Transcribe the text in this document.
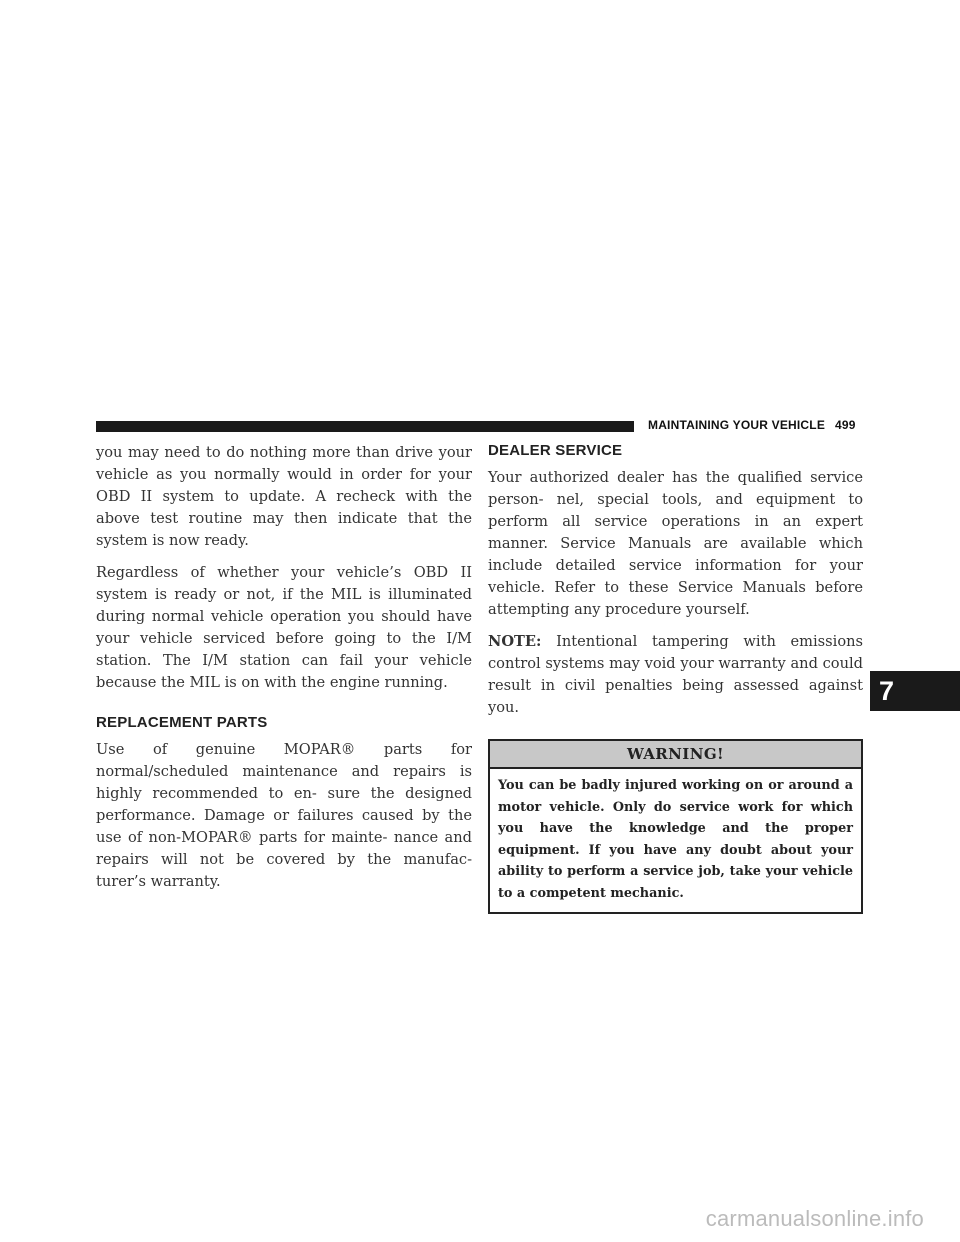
MAINTAINING YOUR VEHICLE 499

you may need to do nothing more than drive your vehicle as you normally would in order for your OBD II system to update. A recheck with the above test routine may then indicate that the system is now ready.

Regardless of whether your vehicle’s OBD II system is ready or not, if the MIL is illuminated during normal vehicle operation you should have your vehicle serviced before going to the I/M station. The I/M station can fail your vehicle because the MIL is on with the engine running.

REPLACEMENT PARTS

Use of genuine MOPAR® parts for normal/scheduled maintenance and repairs is highly recommended to en- sure the designed performance. Damage or failures caused by the use of non-MOPAR® parts for mainte- nance and repairs will not be covered by the manufac- turer’s warranty.

DEALER SERVICE

Your authorized dealer has the qualified service person- nel, special tools, and equipment to perform all service operations in an expert manner. Service Manuals are available which include detailed service information for your vehicle. Refer to these Service Manuals before attempting any procedure yourself.

NOTE: Intentional tampering with emissions control systems may void your warranty and could result in civil penalties being assessed against you.

WARNING!
You can be badly injured working on or around a motor vehicle. Only do service work for which you have the knowledge and the proper equipment. If you have any doubt about your ability to perform a service job, take your vehicle to a competent mechanic.
7
carmanualsonline.info
